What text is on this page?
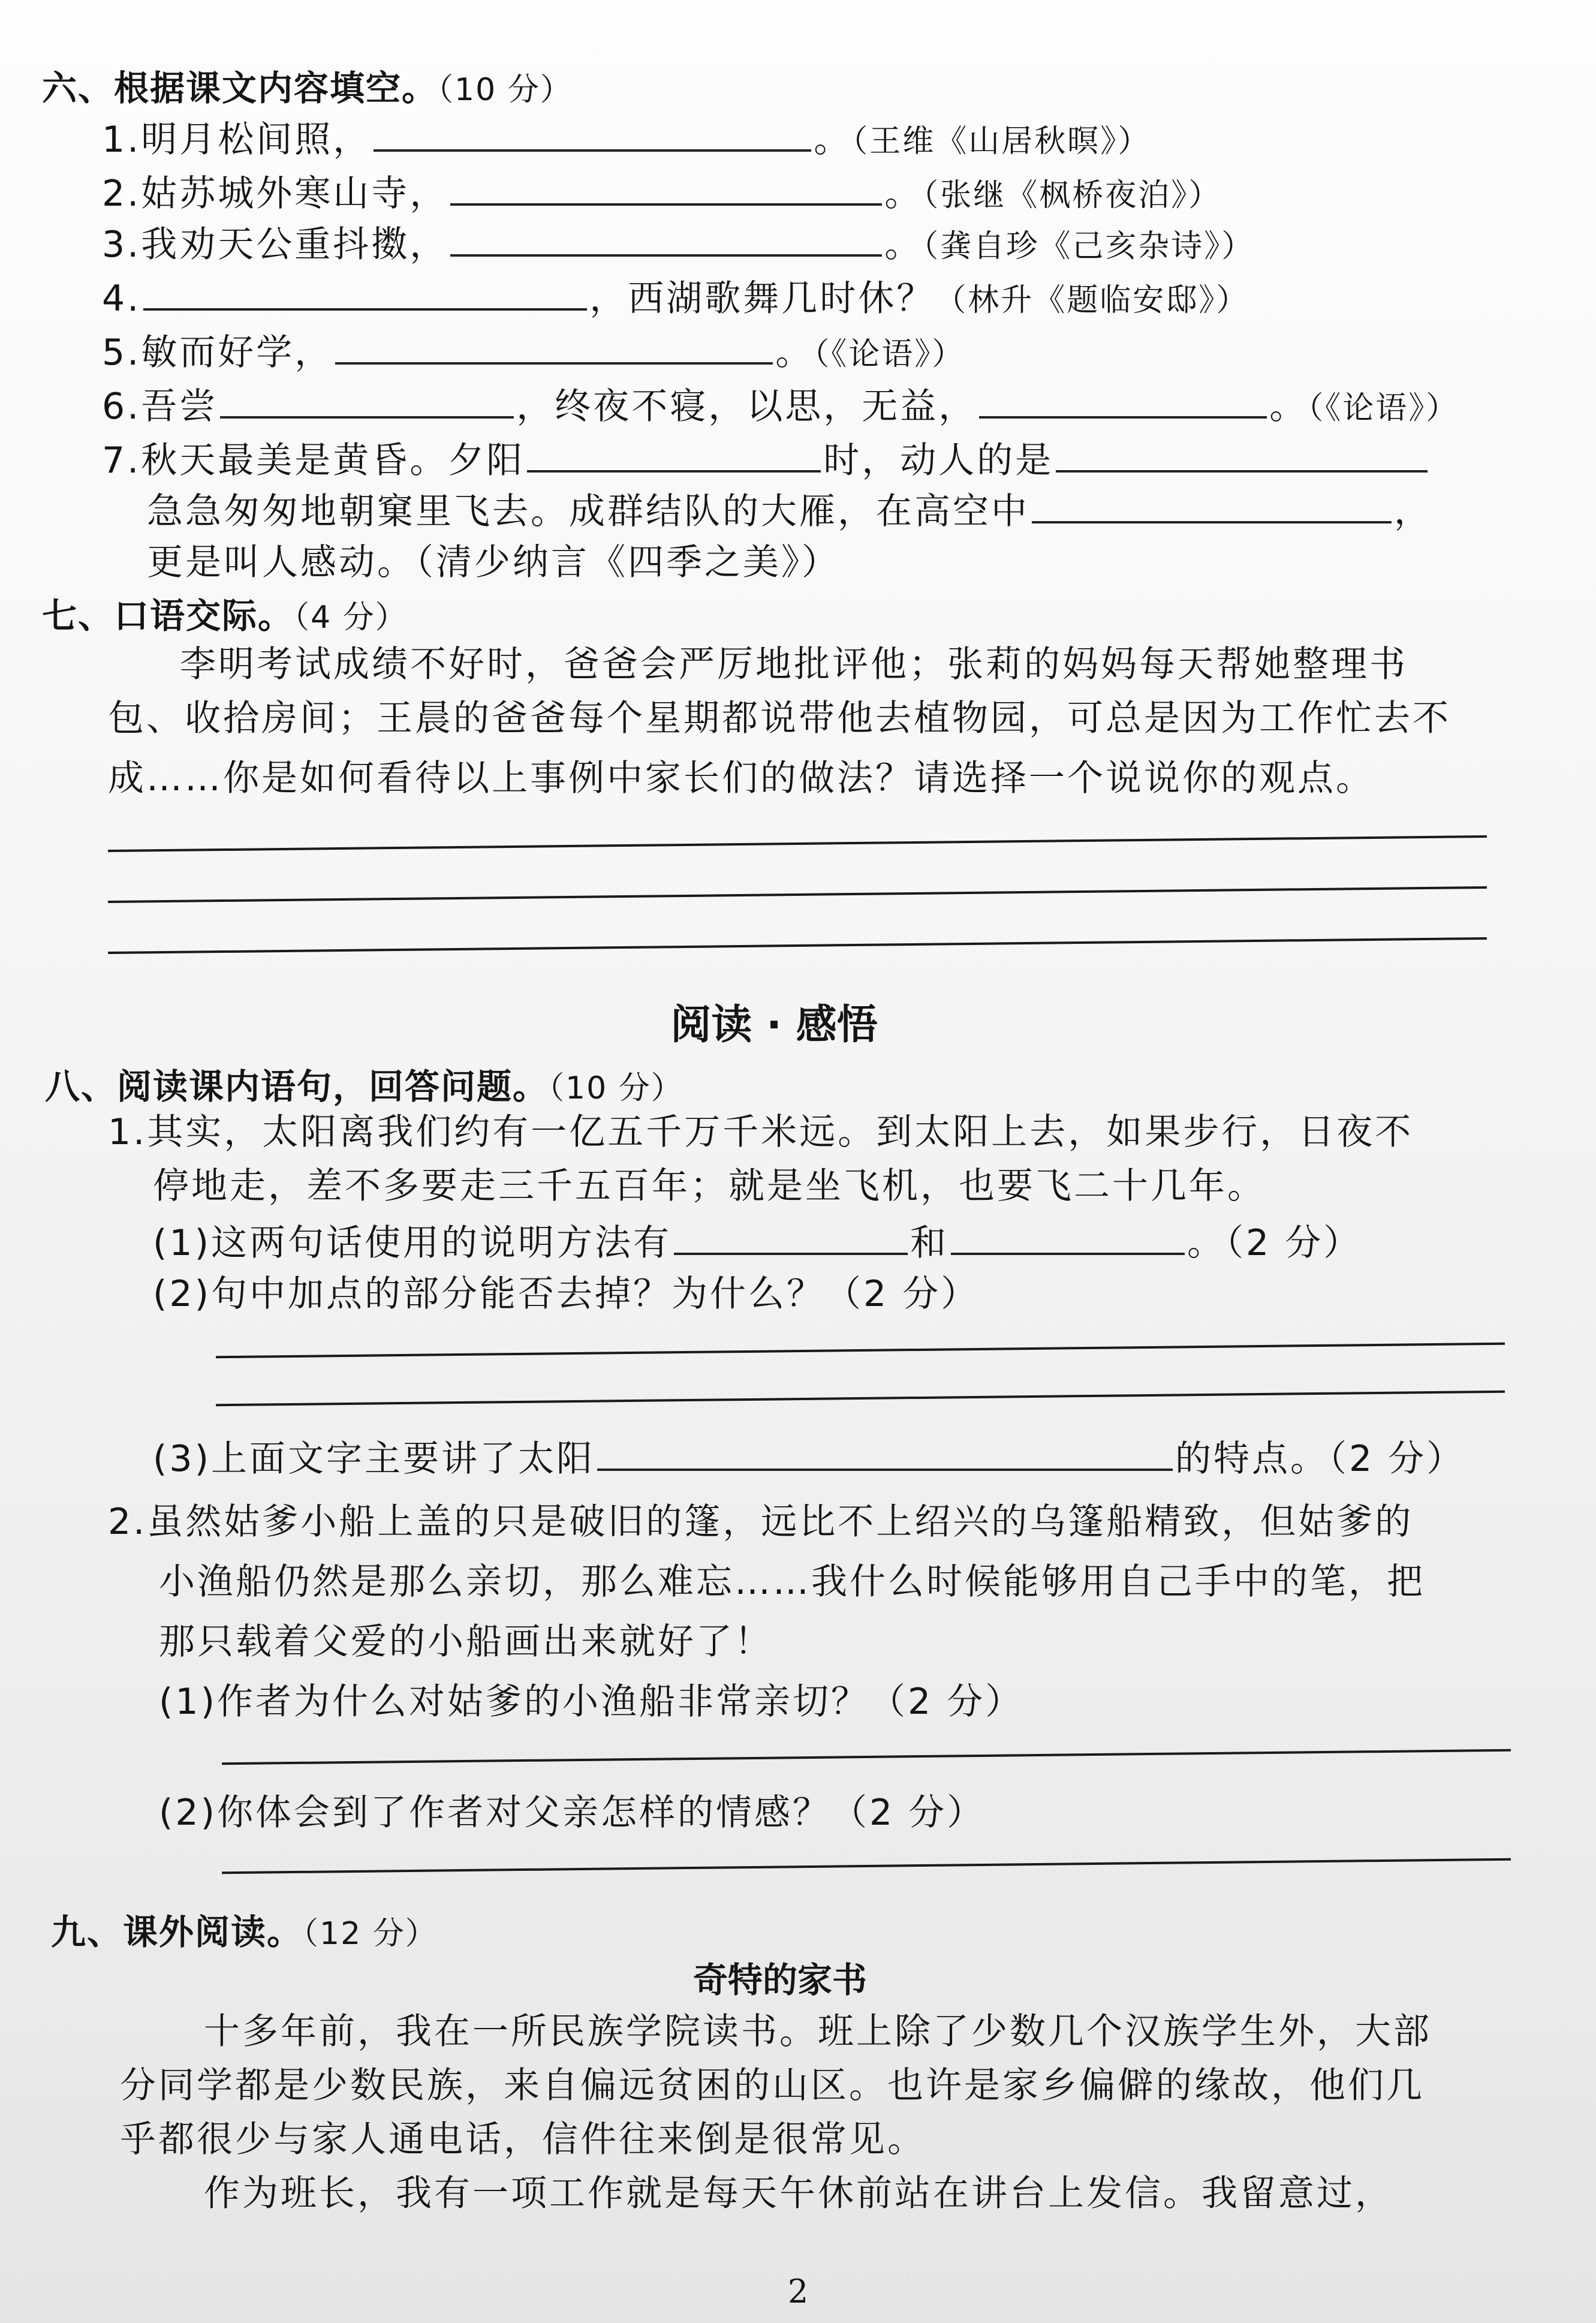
六、根据课文内容填空。（10 分）
1.明月松间照，	。（王维《山居秋暝》）
2.姑苏城外寒山寺，	。（张继《枫桥夜泊》）
3.我劝天公重抖擞，	。（龚自珍《己亥杂诗》）
4.	，西湖歌舞几时休？（林升《题临安邸》）
5.敏而好学，	。（《论语》）
6.吾尝	，终夜不寝，以思，无益，	。（《论语》）
7.秋天最美是黄昏。夕阳	时，动人的是
急急匆匆地朝窠里飞去。成群结队的大雁，在高空中	，
更是叫人感动。（清少纳言《四季之美》）
七、口语交际。（4 分）
李明考试成绩不好时，爸爸会严厉地批评他；张莉的妈妈每天帮她整理书
包、收拾房间；王晨的爸爸每个星期都说带他去植物园，可总是因为工作忙去不
成……你是如何看待以上事例中家长们的做法？请选择一个说说你的观点。
阅读 · 感悟
八、阅读课内语句，回答问题。（10 分）
1.其实，太阳离我们约有一亿五千万千米远。到太阳上去，如果步行，日夜不
停地走，差不多要走三千五百年；就是坐飞机，也要飞二十几年。
(1)这两句话使用的说明方法有	和	。（2 分）
(2)句中加点的部分能否去掉？为什么？（2 分）
(3)上面文字主要讲了太阳	的特点。（2 分）
2.虽然姑爹小船上盖的只是破旧的篷，远比不上绍兴的乌篷船精致，但姑爹的
小渔船仍然是那么亲切，那么难忘……我什么时候能够用自己手中的笔，把
那只载着父爱的小船画出来就好了！
(1)作者为什么对姑爹的小渔船非常亲切？（2 分）
(2)你体会到了作者对父亲怎样的情感？（2 分）
九、课外阅读。（12 分）
奇特的家书
十多年前，我在一所民族学院读书。班上除了少数几个汉族学生外，大部
分同学都是少数民族，来自偏远贫困的山区。也许是家乡偏僻的缘故，他们几
乎都很少与家人通电话，信件往来倒是很常见。
作为班长，我有一项工作就是每天午休前站在讲台上发信。我留意过，
2
